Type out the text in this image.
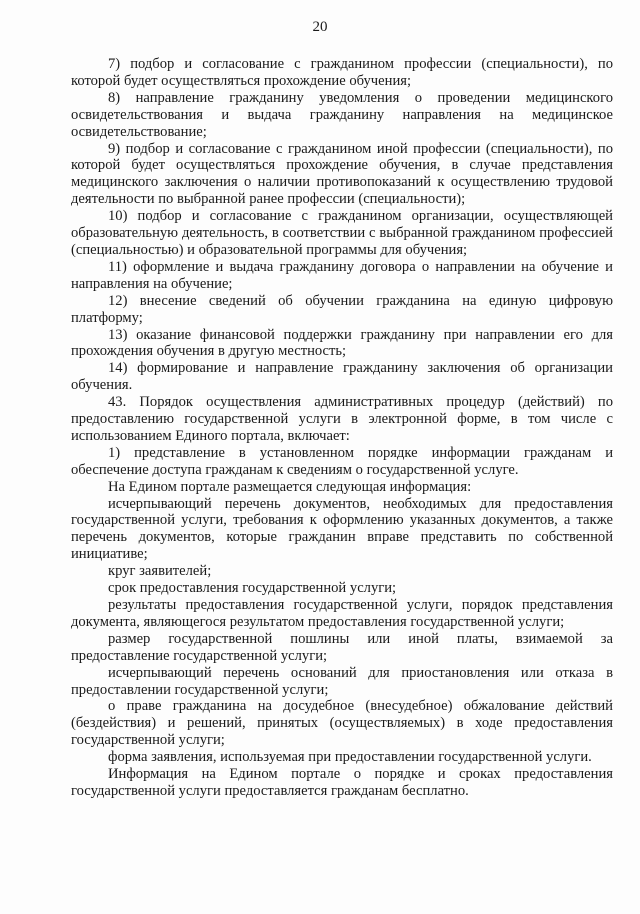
20

7) подбор и согласование с гражданином профессии (специальности), по которой будет осуществляться прохождение обучения;

8) направление гражданину уведомления о проведении медицинского освидетельствования и выдача гражданину направления на медицинское освидетельствование;

9) подбор и согласование с гражданином иной профессии (специальности), по которой будет осуществляться прохождение обучения, в случае представления медицинского заключения о наличии противопоказаний к осуществлению трудовой деятельности по выбранной ранее профессии (специальности);

10) подбор и согласование с гражданином организации, осуществляющей образовательную деятельность, в соответствии с выбранной гражданином профессией (специальностью) и образовательной программы для обучения;

11) оформление и выдача гражданину договора о направлении на обучение и направления на обучение;

12) внесение сведений об обучении гражданина на единую цифровую платформу;

13) оказание финансовой поддержки гражданину при направлении его для прохождения обучения в другую местность;

14) формирование и направление гражданину заключения об организации обучения.

43. Порядок осуществления административных процедур (действий) по предоставлению государственной услуги в электронной форме, в том числе с использованием Единого портала, включает:

1) представление в установленном порядке информации гражданам и обеспечение доступа гражданам к сведениям о государственной услуге.

На Едином портале размещается следующая информация:

исчерпывающий перечень документов, необходимых для предоставления государственной услуги, требования к оформлению указанных документов, а также перечень документов, которые гражданин вправе представить по собственной инициативе;

круг заявителей;

срок предоставления государственной услуги;

результаты предоставления государственной услуги, порядок представления документа, являющегося результатом предоставления государственной услуги;

размер государственной пошлины или иной платы, взимаемой за предоставление государственной услуги;

исчерпывающий перечень оснований для приостановления или отказа в предоставлении государственной услуги;

о праве гражданина на досудебное (внесудебное) обжалование действий (бездействия) и решений, принятых (осуществляемых) в ходе предоставления государственной услуги;

форма заявления, используемая при предоставлении государственной услуги.

Информация на Едином портале о порядке и сроках предоставления государственной услуги предоставляется гражданам бесплатно.
